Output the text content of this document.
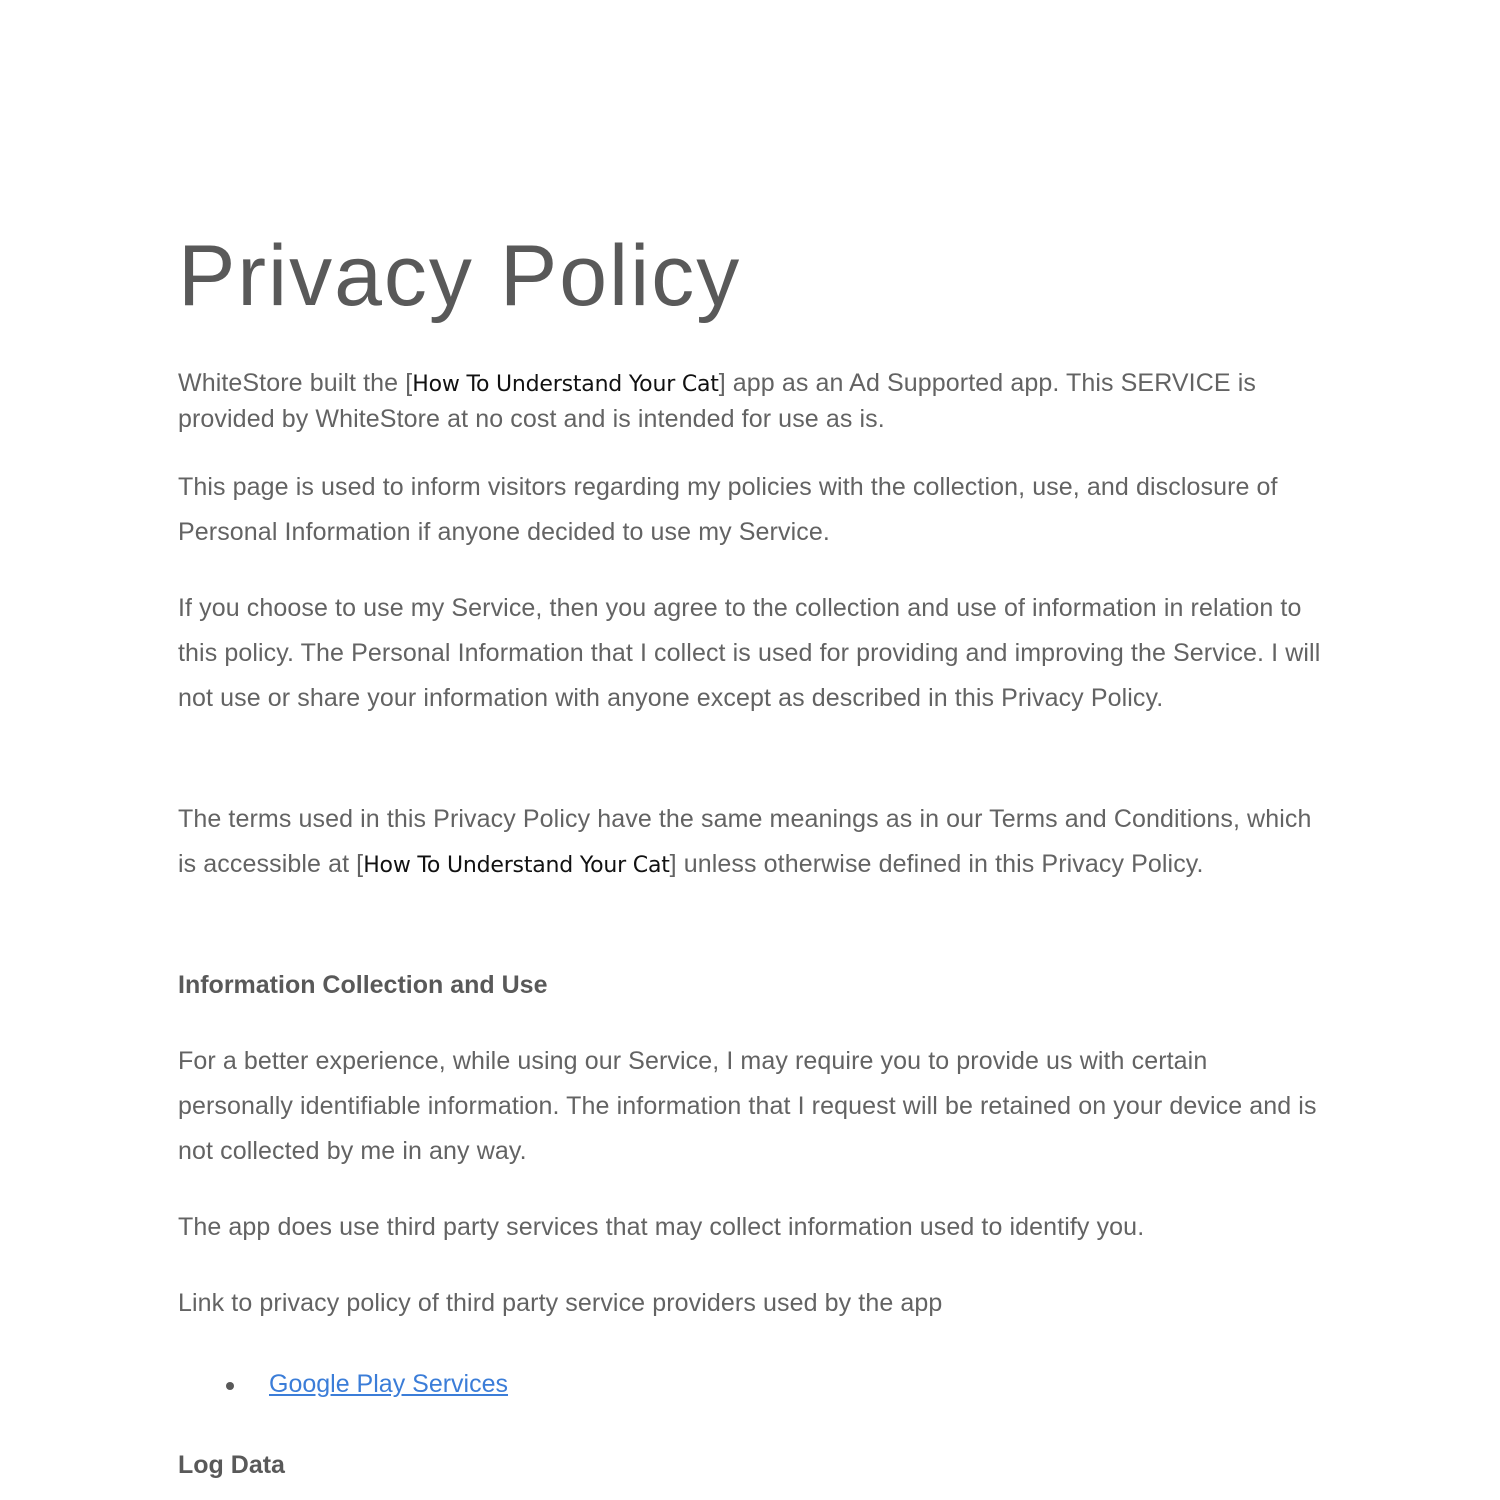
Privacy Policy

WhiteStore built the [How To Understand Your Cat] app as an Ad Supported app. This SERVICE is provided by WhiteStore at no cost and is intended for use as is.

This page is used to inform visitors regarding my policies with the collection, use, and disclosure of Personal Information if anyone decided to use my Service.

If you choose to use my Service, then you agree to the collection and use of information in relation to this policy. The Personal Information that I collect is used for providing and improving the Service. I will not use or share your information with anyone except as described in this Privacy Policy.

The terms used in this Privacy Policy have the same meanings as in our Terms and Conditions, which is accessible at [How To Understand Your Cat] unless otherwise defined in this Privacy Policy.

Information Collection and Use

For a better experience, while using our Service, I may require you to provide us with certain personally identifiable information. The information that I request will be retained on your device and is not collected by me in any way.

The app does use third party services that may collect information used to identify you.

Link to privacy policy of third party service providers used by the app

Google Play Services
Log Data
